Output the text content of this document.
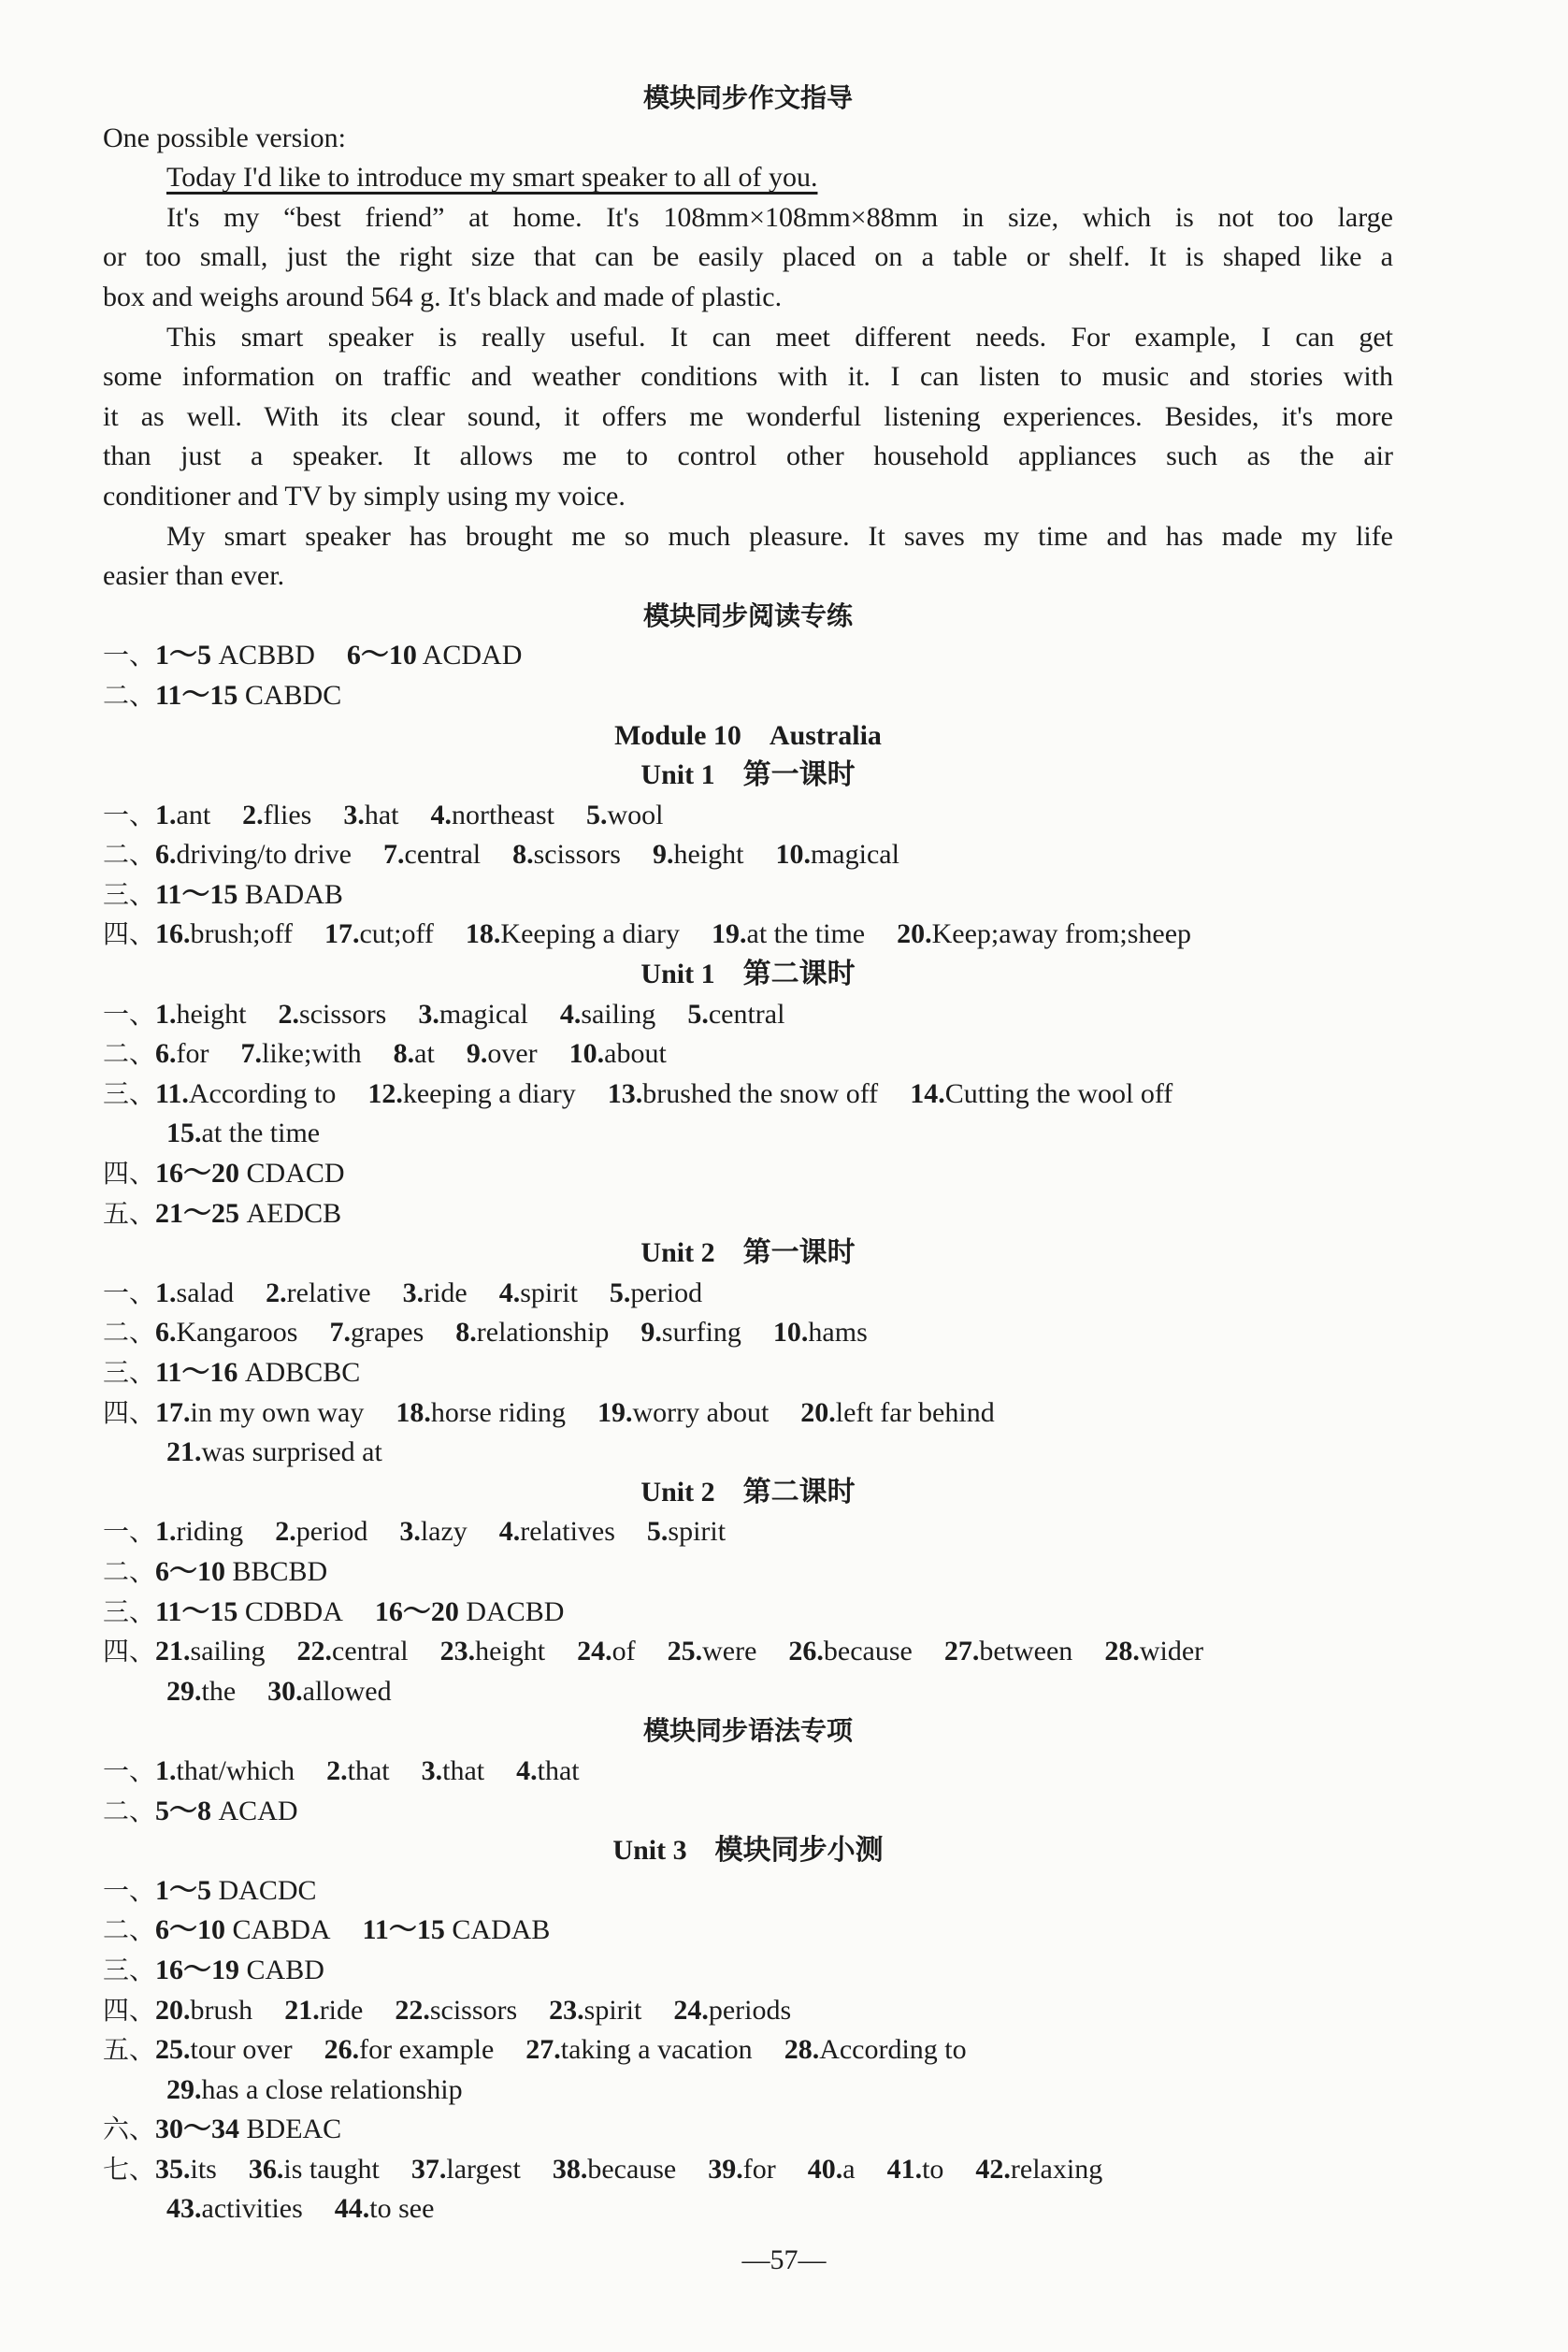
模块同步作文指导
One possible version:
Today I'd like to introduce my smart speaker to all of you.
It's my “best friend” at home. It's 108mm×108mm×88mm in size, which is not too large
or too small, just the right size that can be easily placed on a table or shelf. It is shaped like a
box and weighs around 564 g. It's black and made of plastic.
This smart speaker is really useful. It can meet different needs. For example, I can get
some information on traffic and weather conditions with it. I can listen to music and stories with
it as well. With its clear sound, it offers me wonderful listening experiences. Besides, it's more
than just a speaker. It allows me to control other household appliances such as the air
conditioner and TV by simply using my voice.
My smart speaker has brought me so much pleasure. It saves my time and has made my life
easier than ever.
模块同步阅读专练
一、1～5 ACBBD 6～10 ACDAD
二、11～15 CABDC
Module 10　Australia
Unit 1　第一课时
一、1.ant 2.flies 3.hat 4.northeast 5.wool
二、6.driving/to drive 7.central 8.scissors 9.height 10.magical
三、11～15 BADAB
四、16.brush;off 17.cut;off 18.Keeping a diary 19.at the time 20.Keep;away from;sheep
Unit 1　第二课时
一、1.height 2.scissors 3.magical 4.sailing 5.central
二、6.for 7.like;with 8.at 9.over 10.about
三、11.According to 12.keeping a diary 13.brushed the snow off 14.Cutting the wool off
15.at the time
四、16～20 CDACD
五、21～25 AEDCB
Unit 2　第一课时
一、1.salad 2.relative 3.ride 4.spirit 5.period
二、6.Kangaroos 7.grapes 8.relationship 9.surfing 10.hams
三、11～16 ADBCBC
四、17.in my own way 18.horse riding 19.worry about 20.left far behind
21.was surprised at
Unit 2　第二课时
一、1.riding 2.period 3.lazy 4.relatives 5.spirit
二、6～10 BBCBD
三、11～15 CDBDA 16～20 DACBD
四、21.sailing 22.central 23.height 24.of 25.were 26.because 27.between 28.wider
29.the 30.allowed
模块同步语法专项
一、1.that/which 2.that 3.that 4.that
二、5～8 ACAD
Unit 3　模块同步小测
一、1～5 DACDC
二、6～10 CABDA 11～15 CADAB
三、16～19 CABD
四、20.brush 21.ride 22.scissors 23.spirit 24.periods
五、25.tour over 26.for example 27.taking a vacation 28.According to
29.has a close relationship
六、30～34 BDEAC
七、35.its 36.is taught 37.largest 38.because 39.for 40.a 41.to 42.relaxing
43.activities 44.to see
—57—
